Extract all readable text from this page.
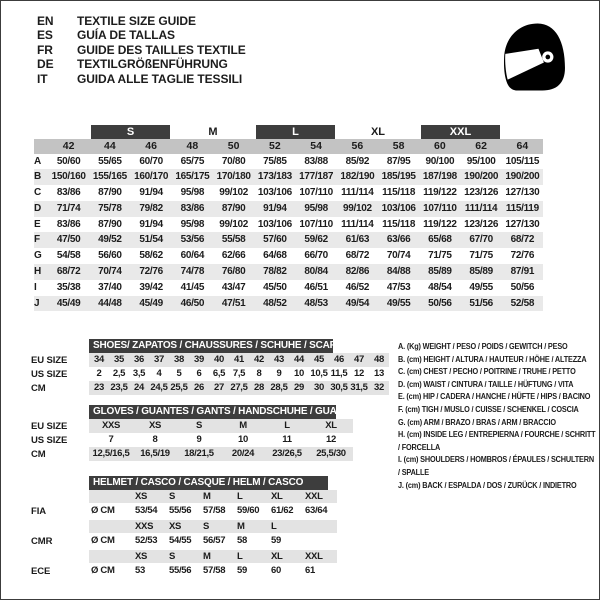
EN	TEXTILE SIZE GUIDE
ES	GUÍA DE TALLAS
FR	GUIDE DES TAILLES TEXTILE
DE	TEXTILGRÖßENFÜHRUNG
IT	GUIDA ALLE TAGLIE TESSILI
S	M	L	XL	XXL
42	44	46	48	50	52	54	56	58	60	62	64
A	50/60	55/65	60/70	65/75	70/80	75/85	83/88	85/92	87/95	90/100	95/100	105/115
B	150/160 155/165 160/170 165/175 170/180 173/183 177/187 182/190 185/195 187/198 190/200 190/200
C	83/86	87/90	91/94	95/98	99/102 103/106 107/110 111/114 115/118 119/122 123/126 127/130
D	71/74	75/78	79/82	83/86	87/90	91/94	95/98	99/102 103/106 107/110 111/114 115/119
E	83/86	87/90	91/94	95/98	99/102 103/106 107/110 111/114 115/118 119/122 123/126 127/130
F	47/50	49/52	51/54	53/56	55/58	57/60	59/62	61/63	63/66	65/68	67/70	68/72
G	54/58	56/60	58/62	60/64	62/66	64/68	66/70	68/72	70/74	71/75	71/75	72/76
H	68/72	70/74	72/76	74/78	76/80	78/82	80/84	82/86	84/88	85/89	85/89	87/91
I	35/38	37/40	39/42	41/45	43/47	45/50	46/51	46/52	47/53	48/54	49/55	50/56
J	45/49	44/48	45/49	46/50	47/51	48/52	48/53	49/54	49/55	50/56	51/56	52/58
SHOES/ ZAPATOS / CHAUSSURES / SCHUHE / SCARPE
EU SIZE	34	35	36	37	38	39	40	41	42	43	44	45	46	47	48
US SIZE	2	2,5 3,5	4	5	6	6,5 7,5	8	9	10 10,5 11,5 12	13
CM	23 23,5 24 24,5 25,5 26	27 27,5 28 28,5 29	30 30,5 31,5 32
GLOVES / GUANTES / GANTS / HANDSCHUHE / GUANTI
EU SIZE	XXS	XS	S	M	L	XL
US SIZE	7	8	9	10	11	12
CM	12,5/16,5	16,5/19	18/21,5	20/24	23/26,5	25,5/30
HELMET / CASCO / CASQUE / HELM / CASCO
XS	S	M	L	XL	XXL
FIA	Ø CM	53/54	55/56	57/58	59/60	61/62	63/64
XXS	XS	S	M	L
CMR	Ø CM	52/53	54/55	56/57	58	59
XS	S	M	L	XL	XXL
ECE	Ø CM	53	55/56	57/58	59	60	61
A. (Kg) WEIGHT / PESO / POIDS / GEWITCH / PESO
B. (cm) HEIGHT / ALTURA / HAUTEUR / HÖHE / ALTEZZA
C. (cm) CHEST / PECHO / POITRINE / TRUHE / PETTO
D. (cm) WAIST / CINTURA / TAILLE / HÜFTUNG / VITA
E. (cm) HIP / CADERA / HANCHE / HÜFTE / HIPS / BACINO
F. (cm) TIGH / MUSLO / CUISSE / SCHENKEL / COSCIA
G. (cm) ARM / BRAZO / BRAS / ARM / BRACCIO
H. (cm) INSIDE LEG / ENTREPIERNA / FOURCHE / SCHRITT / FORCELLA
I. (cm) SHOULDERS / HOMBROS / ÉPAULES / SCHULTERN / SPALLE
J. (cm) BACK / ESPALDA / DOS / ZURÜCK / INDIETRO
